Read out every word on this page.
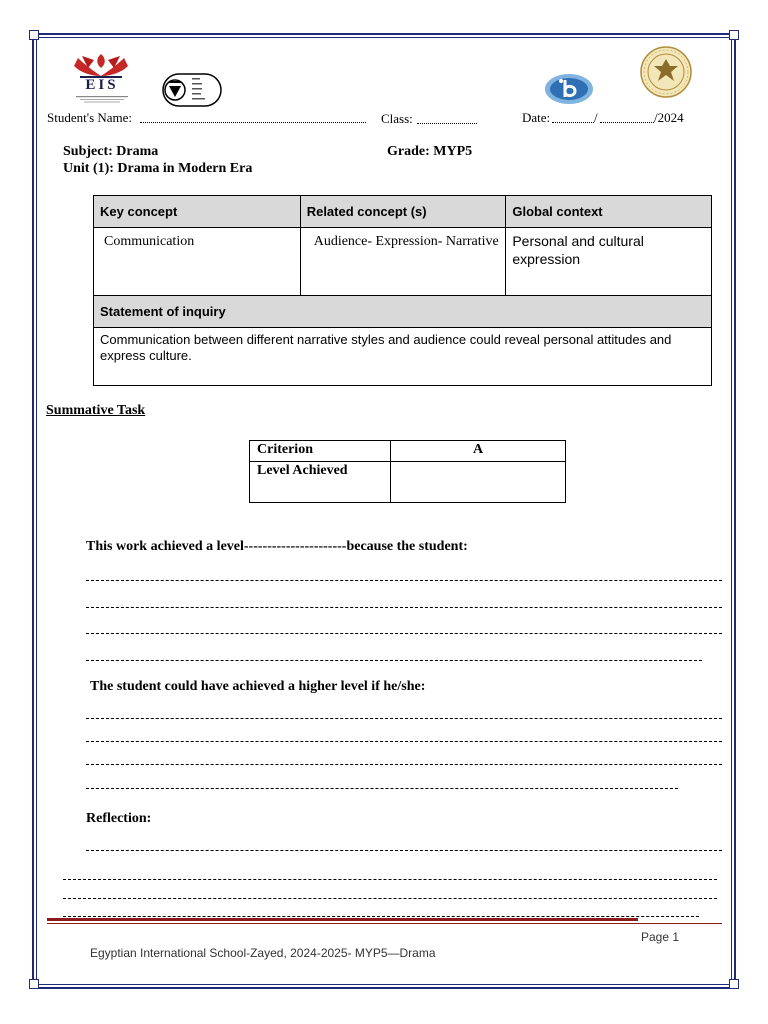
EIS
Student's Name:	Class:	Date:	/	/2024
Subject: Drama
Unit (1): Drama in Modern Era
Grade: MYP5
Key concept	Related concept (s)	Global context
Communication	Audience- Expression- Narrative	Personal and cultural expression
Statement of inquiry		
Communication between different narrative styles and audience could reveal personal attitudes and express culture.		
Summative Task
Criterion	A
Level Achieved	
This work achieved a level----------------------because the student:
The student could have achieved a higher level if he/she:
Reflection:
Page 1
Egyptian International School-Zayed, 2024-2025- MYP5—Drama
